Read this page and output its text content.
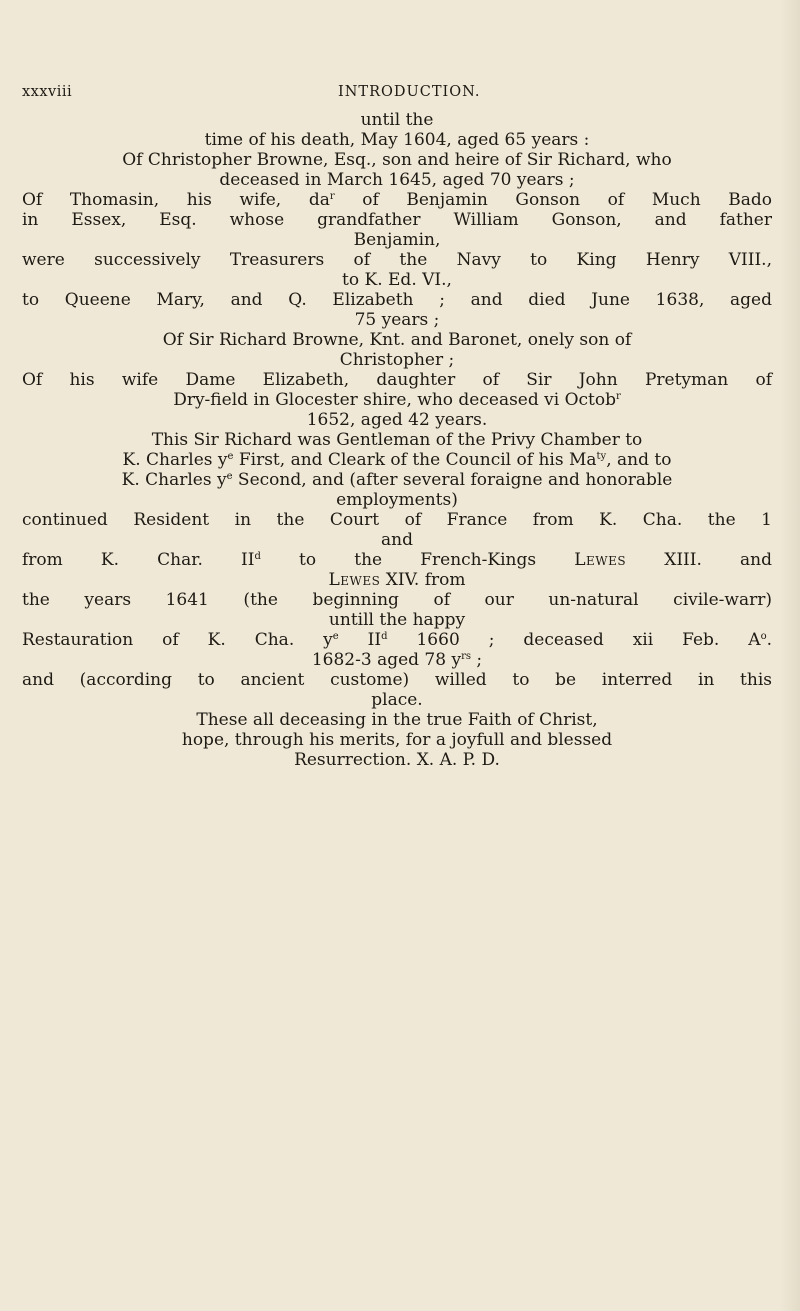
xxxviii	INTRODUCTION.
until the
time of his death, May 1604, aged 65 years :
Of Christopher Browne, Esq., son and heire of Sir Richard, who
deceased in March 1645, aged 70 years ;
Of Thomasin, his wife, $da^r$ of Benjamin Gonson of Much Bado
in Essex, Esq. whose grandfather William Gonson, and father
Benjamin,
were successively Treasurers of the Navy to King Henry VIII.,
to K. Ed. VI.,
to Queene Mary, and Q. Elizabeth ; and died June 1638, aged
75 years ;
Of Sir Richard Browne, Knt. and Baronet, onely son of
Christopher ;
Of his wife Dame Elizabeth, daughter of Sir John Pretyman of
Dry-field in Glocester shire, who deceased vi Octob$^r$
1652, aged 42 years.
This Sir Richard was Gentleman of the Privy Chamber to
K. Charles $y^e$ First, and Cleark of the Council of his $Ma^{ty}$, and to
K. Charles $y^e$ Second, and (after several foraigne and honorable
employments)
continued Resident in the Court of France from K. Cha. the 1
and
from K. Char. $II^d$ to the French-Kings Lewes XIII. and
Lewes XIV. from
the years 1641 (the beginning of our un-natural civile-warr)
untill the happy
Restauration of K. Cha. $y^e$ $II^d$ 1660 ; deceased xii Feb. $A^o$.
1682-3 aged 78 $y^{rs}$ ;
and (according to ancient custome) willed to be interred in this
place.
These all deceasing in the true Faith of Christ,
hope, through his merits, for a joyfull and blessed
Resurrection. X. A. P. D.
